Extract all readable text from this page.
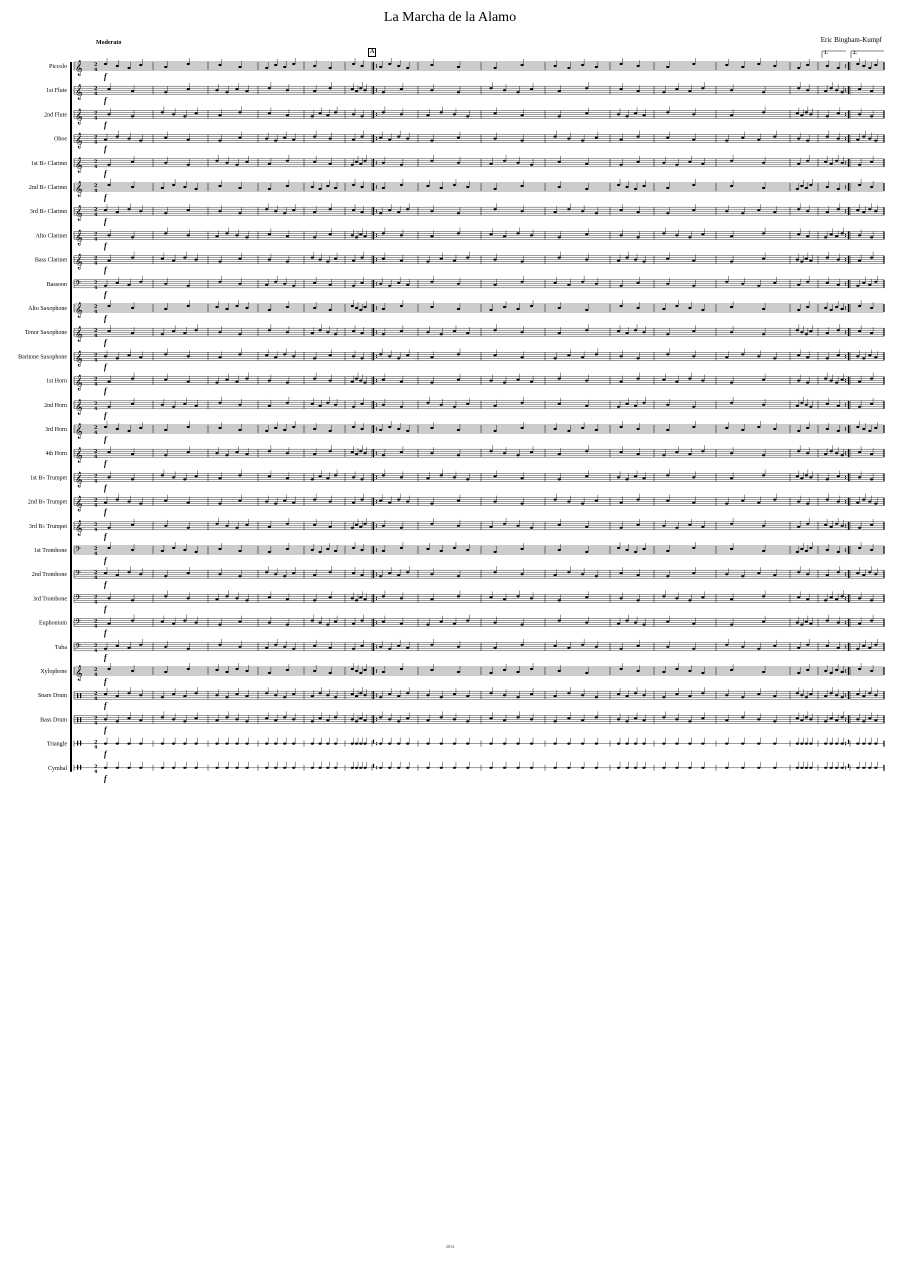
La Marcha de la Alamo
Eric Bingham-Kumpf
Moderato
A	1.	2.
Piccolo 𝄞 2
4
f
1st Flute 𝄞 2
4
f
2nd Flute 𝄞 2
4
f
Oboe 𝄞 2
4
f
1st B♭ Clarinet 𝄞 2
4
f
2nd B♭ Clarinet 𝄞 2
4
f
3rd B♭ Clarinet 𝄞 2
4
f
Alto Clarinet 𝄞 2
4
f
Bass Clarinet 𝄞 2
4
f
Bassoon 𝄢	2
4
f
Alto Saxophone 𝄞 2
4
f
Tenor Saxophone 𝄞 2
4
f
Baritone Saxophone 𝄞 2
4
f
1st Horn 𝄞 2
4
f
2nd Horn 𝄞 2
4
f
3rd Horn 𝄞 2
4
f
4th Horn 𝄞 2
4
f
1st B♭ Trumpet 𝄞 2
4
f
2nd B♭ Trumpet 𝄞 2
4
f
3rd B♭ Trumpet 𝄞 2
4
f
1st Trombone 𝄢	2
4
f
2nd Trombone 𝄢	2
4
f
3rd Trombone 𝄢	2
4
f
Euphonium 𝄢	2
4
f
Tuba 𝄢	2
4
f
Xylophone 𝄞 2
4
f
Snare Drum	2
4
f
Bass Drum	2
4
f
Triangle	2
4
f
Cymbal	2
4
f
2014
